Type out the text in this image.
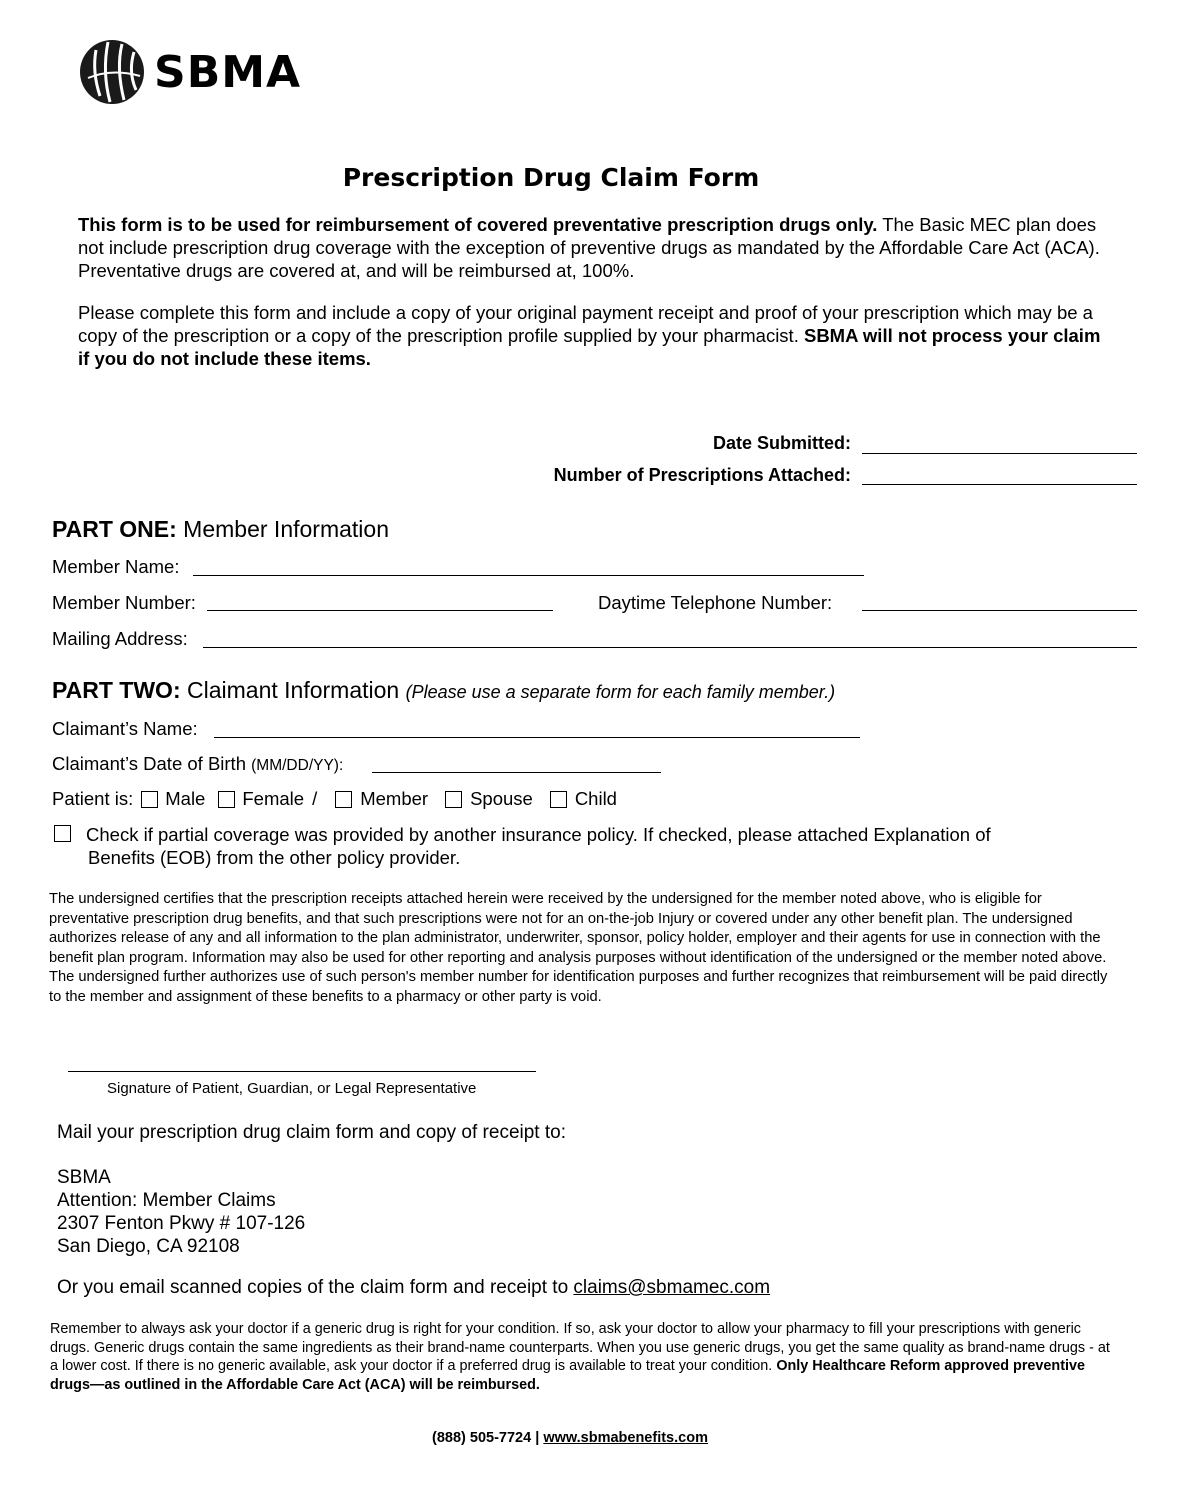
SBMA
Prescription Drug Claim Form
This form is to be used for reimbursement of covered preventative prescription drugs only. The Basic MEC plan does not include prescription drug coverage with the exception of preventive drugs as mandated by the Affordable Care Act (ACA). Preventative drugs are covered at, and will be reimbursed at, 100%.
Please complete this form and include a copy of your original payment receipt and proof of your prescription which may be a copy of the prescription or a copy of the prescription profile supplied by your pharmacist. SBMA will not process your claim if you do not include these items.
Date Submitted:
Number of Prescriptions Attached:
PART ONE: Member Information
Member Name:
Member Number:	Daytime Telephone Number:
Mailing Address:
PART TWO: Claimant Information (Please use a separate form for each family member.)
Claimant’s Name:
Claimant’s Date of Birth (MM/DD/YY):
Patient is: Male Female / Member Spouse Child
Check if partial coverage was provided by another insurance policy. If checked, please attached Explanation of
Benefits (EOB) from the other policy provider.
The undersigned certifies that the prescription receipts attached herein were received by the undersigned for the member noted above, who is eligible for preventative prescription drug benefits, and that such prescriptions were not for an on-the-job Injury or covered under any other benefit plan. The undersigned authorizes release of any and all information to the plan administrator, underwriter, sponsor, policy holder, employer and their agents for use in connection with the benefit plan program. Information may also be used for other reporting and analysis purposes without identification of the undersigned or the member noted above. The undersigned further authorizes use of such person's member number for identification purposes and further recognizes that reimbursement will be paid directly to the member and assignment of these benefits to a pharmacy or other party is void.
Signature of Patient, Guardian, or Legal Representative
Mail your prescription drug claim form and copy of receipt to:
SBMA
Attention: Member Claims
2307 Fenton Pkwy # 107-126
San Diego, CA 92108
Or you email scanned copies of the claim form and receipt to claims@sbmamec.com
Remember to always ask your doctor if a generic drug is right for your condition. If so, ask your doctor to allow your pharmacy to fill your prescriptions with generic drugs. Generic drugs contain the same ingredients as their brand-name counterparts. When you use generic drugs, you get the same quality as brand-name drugs - at a lower cost. If there is no generic available, ask your doctor if a preferred drug is available to treat your condition. Only Healthcare Reform approved preventive drugs—as outlined in the Affordable Care Act (ACA) will be reimbursed.
(888) 505-7724 | www.sbmabenefits.com
